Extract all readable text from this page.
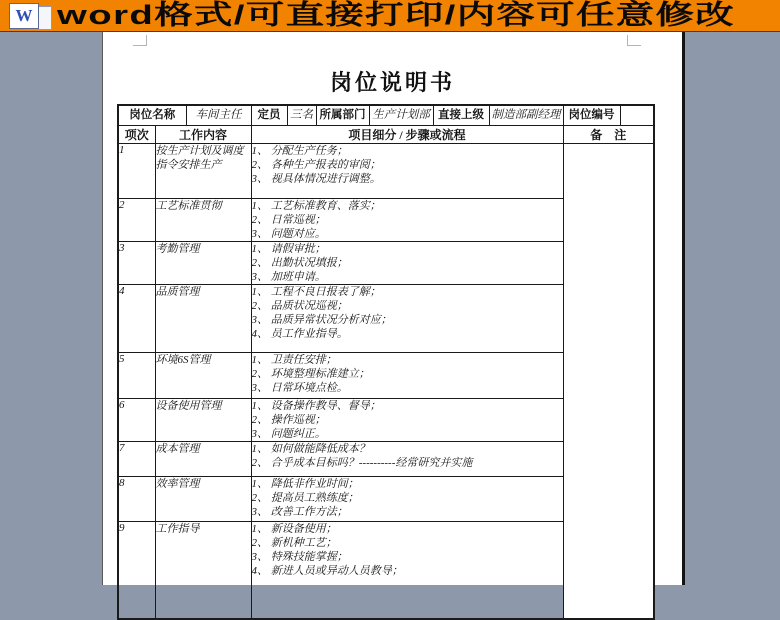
W word格式/可直接打印/内容可任意修改
岗位说明书
岗位名称		车间主任	定员	三名	所属部门	生产计划部	直接上级	制造部副经理	岗位编号	
项次	工作内容		项目细分 / 步骤或流程						备　注	
1	按生产计划及调度指令安排生产		1、 分配生产任务；
2、 各种生产报表的审阅；
3、 视具体情况进行调整。							

2	工艺标准贯彻		1、 工艺标准教育、落实；
2、 日常巡视；
3、 问题对应。							

3	考勤管理		1、 请假审批；
2、 出勤状况填报；
3、 加班申请。							

4	品质管理		1、 工程不良日报表了解；
2、 品质状况巡视；
3、 品质异常状况分析对应；
4、 员工作业指导。							

5	环境6S管理		1、 卫责任安排；
2、 环境整理标准建立；
3、 日常环境点检。							

6	设备使用管理		1、 设备操作教导、督导；
2、 操作巡视；
3、 问题纠正。							

7	成本管理		1、 如何做能降低成本？
2、 合乎成本目标吗？----------经常研究并实施							

8	效率管理		1、 降低非作业时间；
2、 提高员工熟练度；
3、 改善工作方法；							

9	工作指导		1、 新设备使用；
2、 新机种工艺；
3、 特殊技能掌握；
4、 新进人员或异动人员教导；							
